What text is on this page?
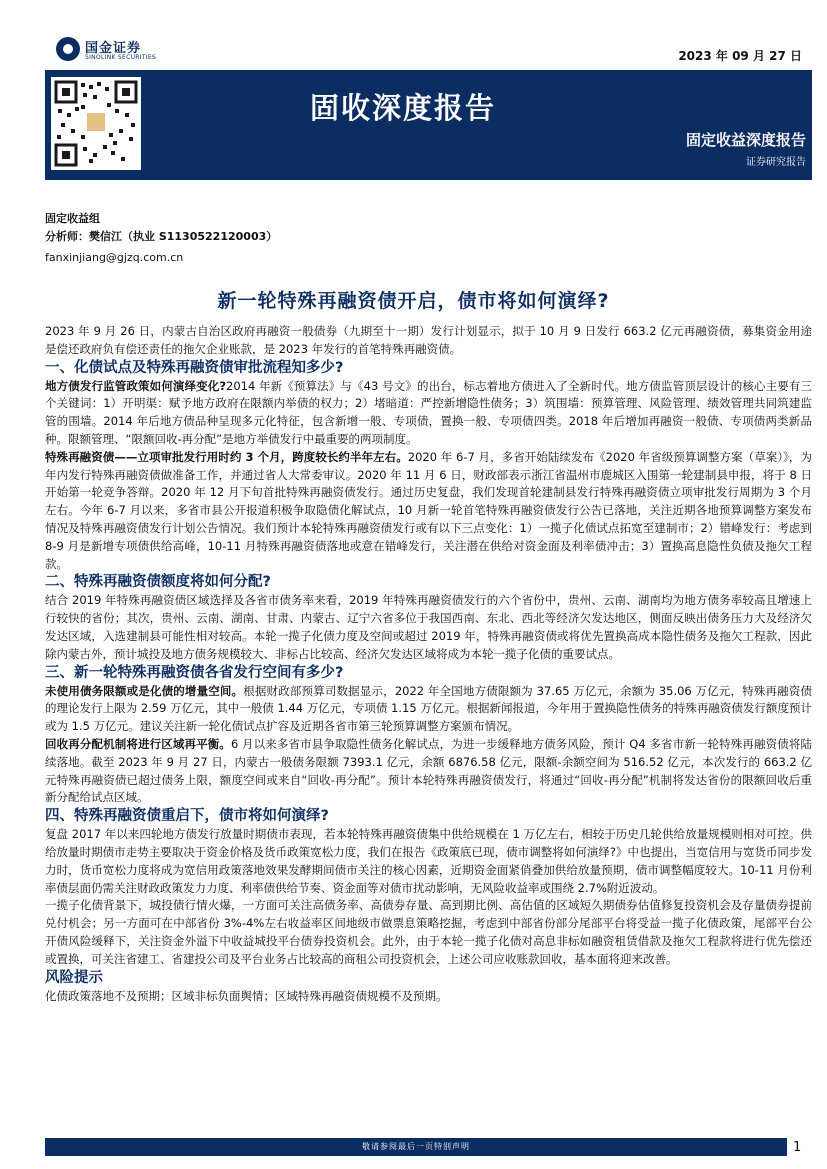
国金证券
SINOLINK SECURITIES	2023 年 09 月 27 日
固收深度报告
固定收益深度报告
证券研究报告
固定收益组
分析师：樊信江（执业 S1130522120003）
fanxinjiang@gjzq.com.cn
新一轮特殊再融资债开启，债市将如何演绎?

2023 年 9 月 26 日，内蒙古自治区政府再融资一般债券（九期至十一期）发行计划显示，拟于 10 月 9 日发行 663.2 亿元再融资债，募集资金用途是偿还政府负有偿还责任的拖欠企业账款，是 2023 年发行的首笔特殊再融资债。

一、化债试点及特殊再融资债审批流程知多少?

地方债发行监管政策如何演绎变化?2014 年新《预算法》与《43 号文》的出台，标志着地方债进入了全新时代。地方债监管顶层设计的核心主要有三个关键词：1）开明渠：赋予地方政府在限额内举债的权力；2）堵暗道：严控新增隐性债务；3）筑围墙：预算管理、风险管理、绩效管理共同筑建监管的围墙。2014 年后地方债品种呈现多元化特征，包含新增一般、专项债，置换一般、专项债四类。2018 年后增加再融资一般债、专项债两类新品种。限额管理、“限额回收-再分配”是地方举债发行中最重要的两项制度。

特殊再融资债——立项审批发行用时约 3 个月，跨度较长约半年左右。2020 年 6-7 月，多省开始陆续发布《2020 年省级预算调整方案（草案）》，为年内发行特殊再融资债做准备工作，并通过省人大常委审议。2020 年 11 月 6 日，财政部表示浙江省温州市鹿城区入围第一轮建制县申报，将于 8 日开始第一轮竞争答辩。2020 年 12 月下旬首批特殊再融资债发行。通过历史复盘，我们发现首轮建制县发行特殊再融资债立项审批发行周期为 3 个月左右。今年 6-7 月以来，多省市县公开报道积极争取隐债化解试点，10 月新一轮首笔特殊再融资债发行公告已落地，关注近期各地预算调整方案发布情况及特殊再融资债发行计划公告情况。我们预计本轮特殊再融资债发行或有以下三点变化：1）一揽子化债试点拓宽至建制市；2）错峰发行：考虑到 8-9 月是新增专项债供给高峰，10-11 月特殊再融资债落地或意在错峰发行，关注潜在供给对资金面及利率债冲击；3）置换高息隐性负债及拖欠工程款。

二、特殊再融资债额度将如何分配?

结合 2019 年特殊再融资债区域选择及各省市债务率来看，2019 年特殊再融资债发行的六个省份中，贵州、云南、湖南均为地方债务率较高且增速上行较快的省份；其次，贵州、云南、湖南、甘肃、内蒙古、辽宁六省多位于我国西南、东北、西北等经济欠发达地区，侧面反映出债务压力大及经济欠发达区域，入选建制县可能性相对较高。本轮一揽子化债力度及空间或超过 2019 年，特殊再融资债或将优先置换高成本隐性债务及拖欠工程款，因此除内蒙古外，预计城投及地方债务规模较大、非标占比较高、经济欠发达区域将成为本轮一揽子化债的重要试点。

三、新一轮特殊再融资债各省发行空间有多少?

未使用债务限额或是化债的增量空间。根据财政部预算司数据显示，2022 年全国地方债限额为 37.65 万亿元，余额为 35.06 万亿元，特殊再融资债的理论发行上限为 2.59 万亿元，其中一般债 1.44 万亿元，专项债 1.15 万亿元。根据新闻报道，今年用于置换隐性债务的特殊再融资债发行额度预计或为 1.5 万亿元。建议关注新一轮化债试点扩容及近期各省市第三轮预算调整方案颁布情况。

回收再分配机制将进行区域再平衡。6 月以来多省市县争取隐性债务化解试点，为进一步缓释地方债务风险，预计 Q4 多省市新一轮特殊再融资债将陆续落地。截至 2023 年 9 月 27 日，内蒙古一般债务限额 7393.1 亿元，余额 6876.58 亿元，限额-余额空间为 516.52 亿元，本次发行的 663.2 亿元特殊再融资债已超过债务上限，额度空间或来自“回收-再分配”。预计本轮特殊再融资债发行，将通过“回收-再分配”机制将发达省份的限额回收后重新分配给试点区域。

四、特殊再融资债重启下，债市将如何演绎?

复盘 2017 年以来四轮地方债发行放量时期债市表现，若本轮特殊再融资债集中供给规模在 1 万亿左右，相较于历史几轮供给放量规模则相对可控。供给放量时期债市走势主要取决于资金价格及货币政策宽松力度，我们在报告《政策底已现，债市调整将如何演绎?》中也提出，当宽信用与宽货币同步发力时，货币宽松力度将成为宽信用政策落地效果发酵期间债市关注的核心因素，近期资金面紧俏叠加供给放量预期，债市调整幅度较大。10-11 月份利率债层面仍需关注财政政策发力力度、利率债供给节奏、资金面等对债市扰动影响，无风险收益率或围绕 2.7%附近波动。

一揽子化债背景下，城投债行情火爆，一方面可关注高债务率、高债券存量、高到期比例、高估值的区域短久期债券估值修复投资机会及存量债券提前兑付机会；另一方面可在中部省份 3%-4%左右收益率区间地级市做票息策略挖掘，考虑到中部省份部分尾部平台将受益一揽子化债政策，尾部平台公开债风险缓释下，关注资金外溢下中收益城投平台债券投资机会。此外，由于本轮一揽子化债对高息非标如融资租赁借款及拖欠工程款将进行优先偿还或置换，可关注省建工、省建投公司及平台业务占比较高的商租公司投资机会，上述公司应收账款回收，基本面将迎来改善。

风险提示

化债政策落地不及预期；区域非标负面舆情；区域特殊再融资债规模不及预期。

敬请参阅最后一页特别声明	1
